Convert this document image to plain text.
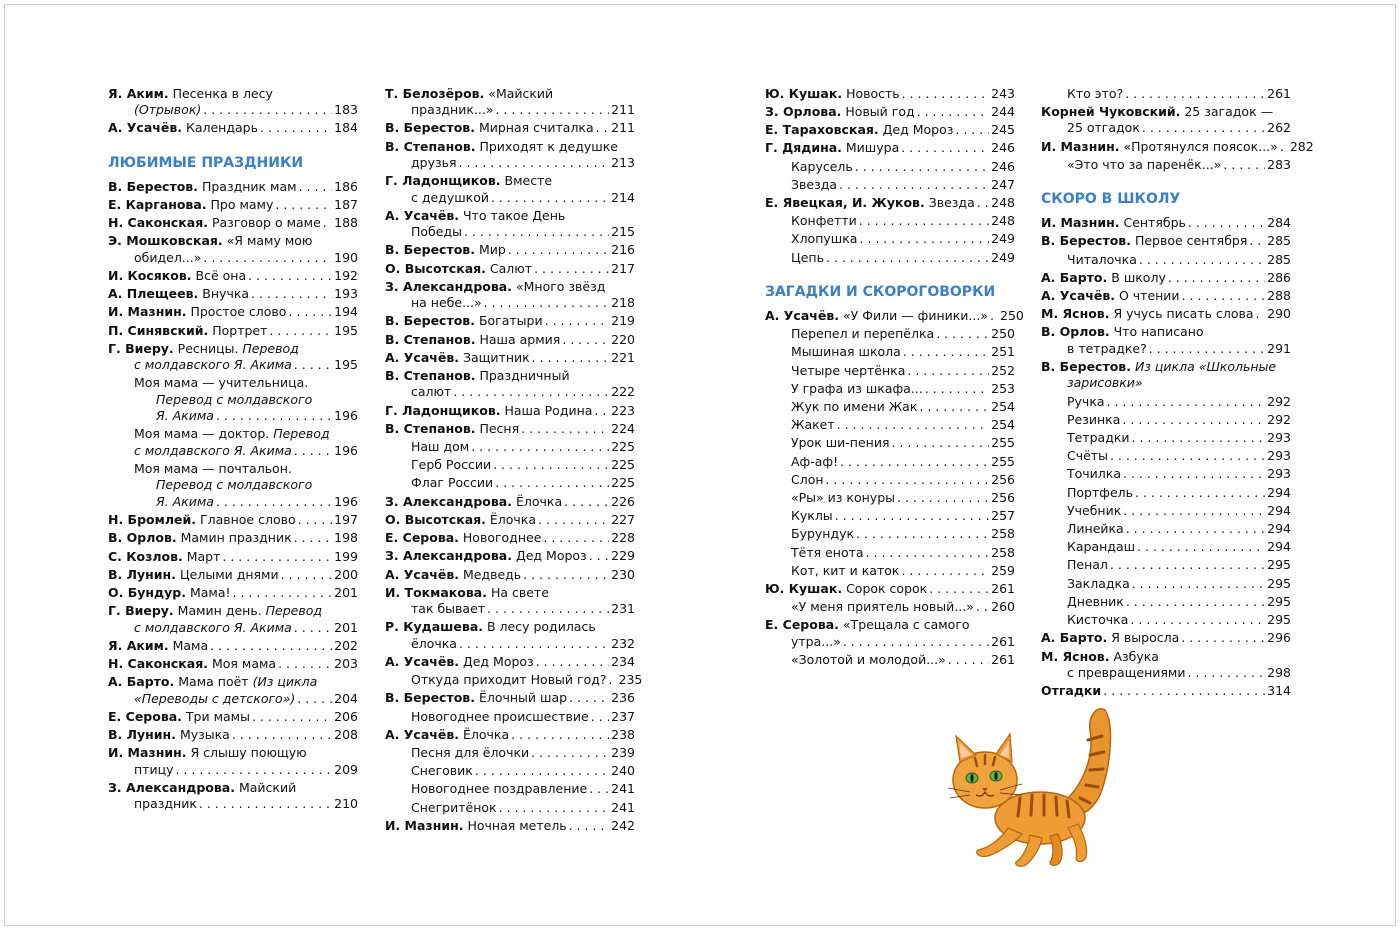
Я. Аким. Песенка в лесу
(Отрывок) . . .	183
А. Усачёв. Календарь . . .	184
ЛЮБИМЫЕ ПРАЗДНИКИ
В. Берестов. Праздник мам . . .	186
Е. Карганова. Про маму . . .	187
Н. Саконская. Разговор о маме . . . 188
Э. Мошковская. «Я маму мою
обидел...» . . .	190
И. Косяков. Всё она . . .	192
А. Плещеев. Внучка . . .	193
И. Мазнин. Простое слово . . .	194
П. Синявский. Портрет . . .	195
Г. Виеру. Ресницы. Перевод
с молдавского Я. Акима . . .	195
Моя мама — учительница.
Перевод с молдавского
Я. Акима . . .	196
Моя мама — доктор. Перевод
с молдавского Я. Акима . . .	196
Моя мама — почтальон.
Перевод с молдавского
Я. Акима . . .	196
Н. Бромлей. Главное слово . . .	197
В. Орлов. Мамин праздник . . .	198
С. Козлов. Март . . .	199
В. Лунин. Целыми днями . . .	200
О. Бундур. Мама! . . .	201
Г. Виеру. Мамин день. Перевод
с молдавского Я. Акима . . .	201
Я. Аким. Мама . . .	202
Н. Саконская. Моя мама . . .	203
А. Барто. Мама поёт (Из цикла
«Переводы с детского») . . .	204
Е. Серова. Три мамы . . .	206
В. Лунин. Музыка . . .	208
И. Мазнин. Я слышу поющую
птицу . . .	209
З. Александрова. Майский
праздник . . .	210
Т. Белозёров. «Майский
праздник...» . . .	211
В. Берестов. Мирная считалка . . . 211
В. Степанов. Приходят к дедушке
друзья . . .	213
Г. Ладонщиков. Вместе
с дедушкой . . .	214
А. Усачёв. Что такое День
Победы . . .	215
В. Берестов. Мир . . .	216
О. Высотская. Салют . . .	217
З. Александрова. «Много звёзд
на небе...» . . .	218
В. Берестов. Богатыри . . .	219
В. Степанов. Наша армия . . .	220
А. Усачёв. Защитник . . .	221
В. Степанов. Праздничный
салют . . .	222
Г. Ладонщиков. Наша Родина . . . 223
В. Степанов. Песня . . .	224
Наш дом . . .	225
Герб России . . .	225
Флаг России . . .	225
З. Александрова. Ёлочка . . .	226
О. Высотская. Ёлочка . . .	227
Е. Серова. Новогоднее . . .	228
З. Александрова. Дед Мороз . . . 229
А. Усачёв. Медведь . . .	230
И. Токмакова. На свете
так бывает . . .	231
Р. Кудашева. В лесу родилась
ёлочка . . .	232
А. Усачёв. Дед Мороз . . .	234
Откуда приходит Новый год? . . . 235
В. Берестов. Ёлочный шар . . .	236
Новогоднее происшествие . . . 237
А. Усачёв. Ёлочка . . .	238
Песня для ёлочки . . .	239
Снеговик . . .	240
Новогоднее поздравление . . . 241
Снегритёнок . . .	241
И. Мазнин. Ночная метель . . .	242
Ю. Кушак. Новость . . .	243
З. Орлова. Новый год . . .	244
Е. Тараховская. Дед Мороз . . .	245
Г. Дядина. Мишура . . .	246
Карусель . . .	246
Звезда . . .	247
Е. Явецкая, И. Жуков. Звезда . . . 248
Конфетти . . .	248
Хлопушка . . .	249
Цепь . . .	249
ЗАГАДКИ И СКОРОГОВОРКИ
А. Усачёв. «У Фили — финики...» . . . 250
Перепел и перепёлка . . .	250
Мышиная школа . . .	251
Четыре чертёнка . . .	252
У графа из шкафа... . . .	253
Жук по имени Жак . . .	254
Жакет . . .	254
Урок ши-пения . . .	255
Аф-аф! . . .	255
Слон . . .	256
«Ры» из конуры . . .	256
Куклы . . .	257
Бурундук . . .	258
Тётя енота . . .	258
Кот, кит и каток . . .	259
Ю. Кушак. Сорок сорок . . .	261
«У меня приятель новый...» . . . 260
Е. Серова. «Трещала с самого
утра...» . . .	261
«Золотой и молодой...» . . .	261
Кто это? . . .	261
Корней Чуковский. 25 загадок —
25 отгадок . . .	262
И. Мазнин. «Протянулся поясок...» . . . 282
«Это что за паренёк...» . . .	283
СКОРО В ШКОЛУ
И. Мазнин. Сентябрь . . .	284
В. Берестов. Первое сентября . . . 285
Читалочка . . .	285
А. Барто. В школу . . .	286
А. Усачёв. О чтении . . .	288
М. Яснов. Я учусь писать слова . . . 290
В. Орлов. Что написано
в тетрадке? . . .	291
В. Берестов. Из цикла «Школьные
зарисовки»
Ручка . . .	292
Резинка . . .	292
Тетрадки . . .	293
Счёты . . .	293
Точилка . . .	293
Портфель . . .	294
Учебник . . .	294
Линейка . . .	294
Карандаш . . .	294
Пенал . . .	295
Закладка . . .	295
Дневник . . .	295
Кисточка . . .	295
А. Барто. Я выросла . . .	296
М. Яснов. Азбука
с превращениями . . .	298
Отгадки . . .	314
